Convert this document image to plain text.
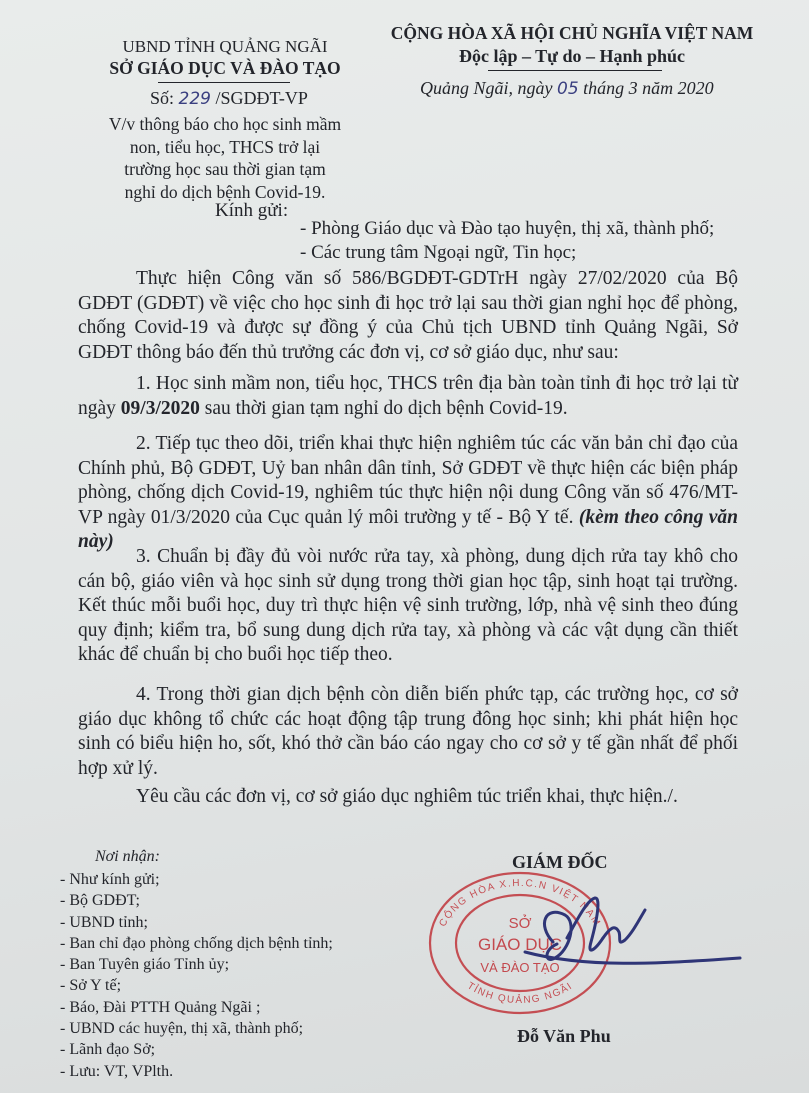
UBND TỈNH QUẢNG NGÃI
SỞ GIÁO DỤC VÀ ĐÀO TẠO
Số: 229 /SGDĐT-VP
V/v thông báo cho học sinh mầm
non, tiểu học, THCS trở lại
trường học sau thời gian tạm
nghỉ do dịch bệnh Covid-19.
CỘNG HÒA XÃ HỘI CHỦ NGHĨA VIỆT NAM
Độc lập – Tự do – Hạnh phúc
Quảng Ngãi, ngày 05 tháng 3 năm 2020
Kính gửi:
- Phòng Giáo dục và Đào tạo huyện, thị xã, thành phố;
- Các trung tâm Ngoại ngữ, Tin học;
Thực hiện Công văn số 586/BGDĐT-GDTrH ngày 27/02/2020 của Bộ GDĐT (GDĐT) về việc cho học sinh đi học trở lại sau thời gian nghỉ học để phòng, chống Covid-19 và được sự đồng ý của Chủ tịch UBND tỉnh Quảng Ngãi, Sở GDĐT thông báo đến thủ trưởng các đơn vị, cơ sở giáo dục, như sau:
1. Học sinh mầm non, tiểu học, THCS trên địa bàn toàn tỉnh đi học trở lại từ ngày 09/3/2020 sau thời gian tạm nghỉ do dịch bệnh Covid-19.
2. Tiếp tục theo dõi, triển khai thực hiện nghiêm túc các văn bản chỉ đạo của Chính phủ, Bộ GDĐT, Uỷ ban nhân dân tỉnh, Sở GDĐT về thực hiện các biện pháp phòng, chống dịch Covid-19, nghiêm túc thực hiện nội dung Công văn số 476/MT-VP ngày 01/3/2020 của Cục quản lý môi trường y tế - Bộ Y tế. (kèm theo công văn này)
3. Chuẩn bị đầy đủ vòi nước rửa tay, xà phòng, dung dịch rửa tay khô cho cán bộ, giáo viên và học sinh sử dụng trong thời gian học tập, sinh hoạt tại trường. Kết thúc mỗi buổi học, duy trì thực hiện vệ sinh trường, lớp, nhà vệ sinh theo đúng quy định; kiểm tra, bổ sung dung dịch rửa tay, xà phòng và các vật dụng cần thiết khác để chuẩn bị cho buổi học tiếp theo.
4. Trong thời gian dịch bệnh còn diễn biến phức tạp, các trường học, cơ sở giáo dục không tổ chức các hoạt động tập trung đông học sinh; khi phát hiện học sinh có biểu hiện ho, sốt, khó thở cần báo cáo ngay cho cơ sở y tế gần nhất để phối hợp xử lý.
Yêu cầu các đơn vị, cơ sở giáo dục nghiêm túc triển khai, thực hiện./.
Nơi nhận:
- Như kính gửi;
- Bộ GDĐT;
- UBND tỉnh;
- Ban chỉ đạo phòng chống dịch bệnh tỉnh;
- Ban Tuyên giáo Tỉnh ủy;
- Sở Y tế;
- Báo, Đài PTTH Quảng Ngãi ;
- UBND các huyện, thị xã, thành phố;
- Lãnh đạo Sở;
- Lưu: VT, VPlth.
GIÁM ĐỐC
CỘNG HÒA X.H.C.N VIỆT NAM
TỈNH QUẢNG NGÃI
SỞ
GIÁO DỤC
VÀ ĐÀO TẠO
Đỗ Văn Phu
